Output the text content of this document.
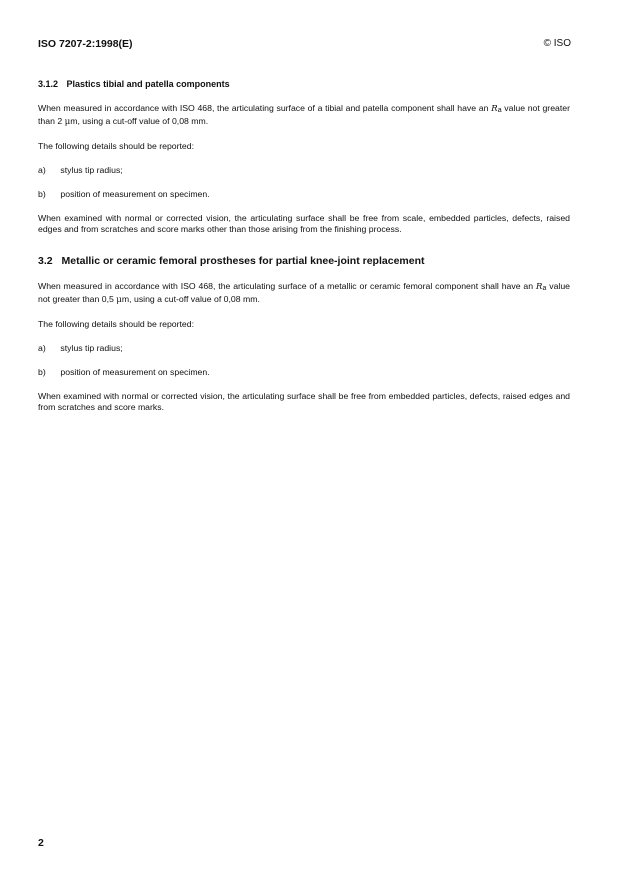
ISO 7207-2:1998(E)	© ISO
3.1.2 Plastics tibial and patella components

When measured in accordance with ISO 468, the articulating surface of a tibial and patella component shall have an $R_a$ value not greater than 2 μm, using a cut-off value of 0,08 mm.

The following details should be reported:

a) stylus tip radius;
b) position of measurement on specimen.

When examined with normal or corrected vision, the articulating surface shall be free from scale, embedded particles, defects, raised edges and from scratches and score marks other than those arising from the finishing process.

3.2 Metallic or ceramic femoral prostheses for partial knee-joint replacement

When measured in accordance with ISO 468, the articulating surface of a metallic or ceramic femoral component shall have an $R_a$ value not greater than 0,5 μm, using a cut-off value of 0,08 mm.

The following details should be reported:

a) stylus tip radius;
b) position of measurement on specimen.

When examined with normal or corrected vision, the articulating surface shall be free from embedded particles, defects, raised edges and from scratches and score marks.

2
